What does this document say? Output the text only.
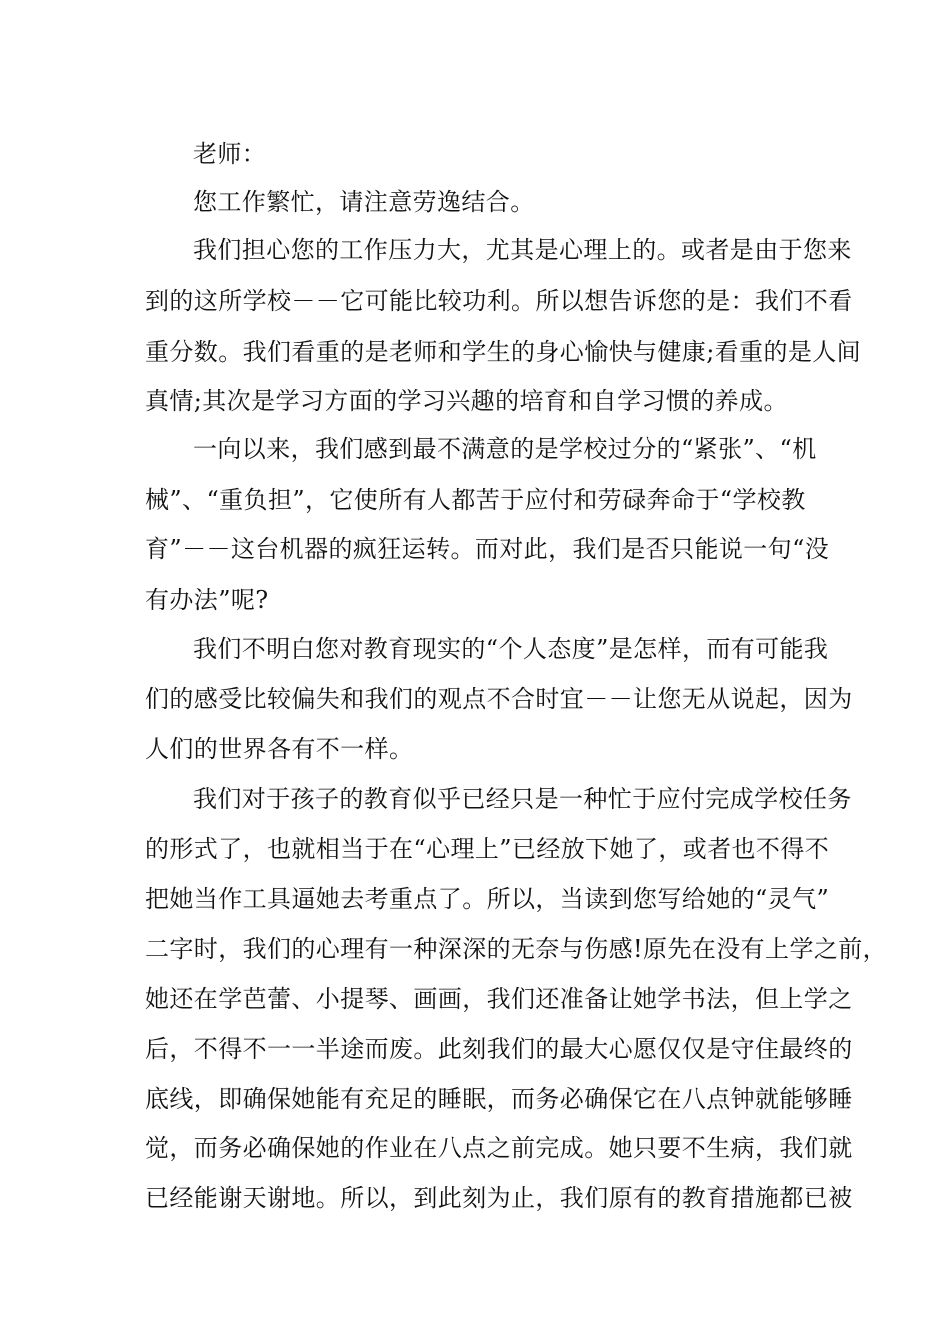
老师：
您工作繁忙，请注意劳逸结合。
我们担心您的工作压力大，尤其是心理上的。或者是由于您来
到的这所学校－－它可能比较功利。所以想告诉您的是：我们不看
重分数。我们看重的是老师和学生的身心愉快与健康;看重的是人间
真情;其次是学习方面的学习兴趣的培育和自学习惯的养成。
一向以来，我们感到最不满意的是学校过分的“紧张”、“机
械”、“重负担”，它使所有人都苦于应付和劳碌奔命于“学校教
育”－－这台机器的疯狂运转。而对此，我们是否只能说一句“没
有办法”呢?
我们不明白您对教育现实的“个人态度”是怎样，而有可能我
们的感受比较偏失和我们的观点不合时宜－－让您无从说起，因为
人们的世界各有不一样。
我们对于孩子的教育似乎已经只是一种忙于应付完成学校任务
的形式了，也就相当于在“心理上”已经放下她了，或者也不得不
把她当作工具逼她去考重点了。所以，当读到您写给她的“灵气”
二字时，我们的心理有一种深深的无奈与伤感!原先在没有上学之前，
她还在学芭蕾、小提琴、画画，我们还准备让她学书法，但上学之
后，不得不一一半途而废。此刻我们的最大心愿仅仅是守住最终的
底线，即确保她能有充足的睡眠，而务必确保它在八点钟就能够睡
觉，而务必确保她的作业在八点之前完成。她只要不生病，我们就
已经能谢天谢地。所以，到此刻为止，我们原有的教育措施都已被
